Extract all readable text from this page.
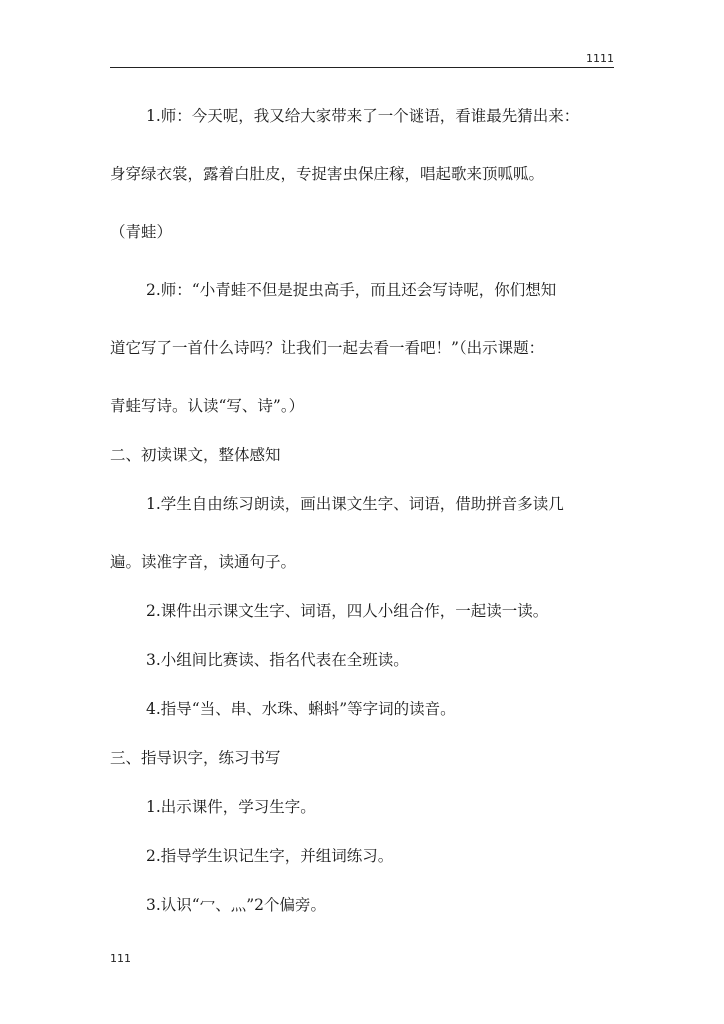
1111

1.师：今天呢，我又给大家带来了一个谜语，看谁最先猜出来：

身穿绿衣裳，露着白肚皮，专捉害虫保庄稼，唱起歌来顶呱呱。

（青蛙）

2.师：“小青蛙不但是捉虫高手，而且还会写诗呢，你们想知

道它写了一首什么诗吗？让我们一起去看一看吧！”（出示课题：

青蛙写诗。认读“写、诗”。）

二、初读课文，整体感知

1.学生自由练习朗读，画出课文生字、词语，借助拼音多读几

遍。读准字音，读通句子。

2.课件出示课文生字、词语，四人小组合作，一起读一读。

3.小组间比赛读、指名代表在全班读。

4.指导“当、串、水珠、蝌蚪”等字词的读音。

三、指导识字，练习书写

1.出示课件，学习生字。

2.指导学生识记生字，并组词练习。

3.认识“冖、灬”2个偏旁。

111
